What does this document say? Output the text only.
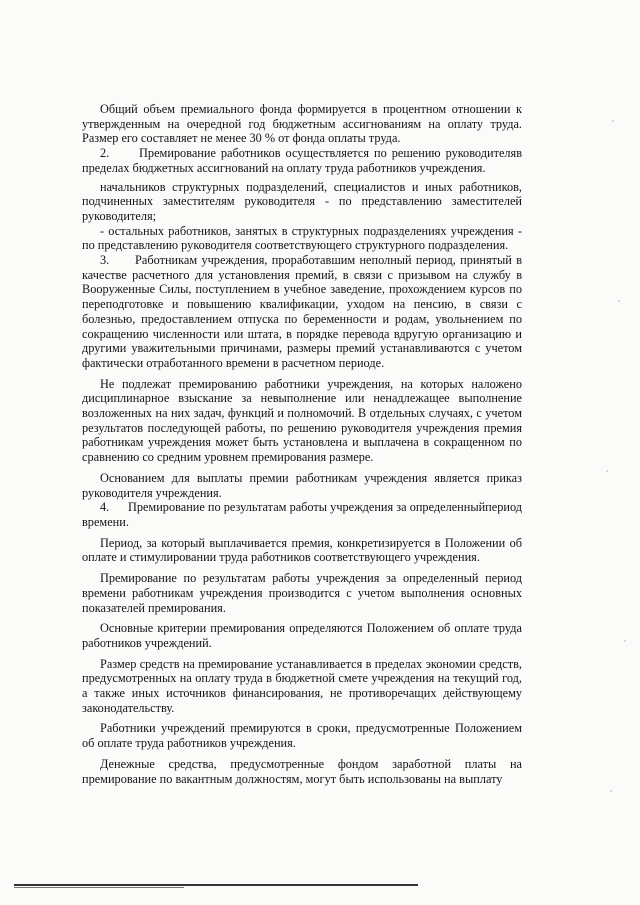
Общий объем премиального фонда формируется в процентном отношении к утвержденным на очередной год бюджетным ассигнованиям на оплату труда. Размер его составляет не менее 30 % от фонда оплаты труда.

2.      Премирование работников осуществляется по решению руководителяв пределах бюджетных ассигнований на оплату труда работников учреждения.

начальников структурных подразделений, специалистов и иных работников, подчиненных заместителям руководителя - по представлению заместителей руководителя;

- остальных работников, занятых в структурных подразделениях учреждения - по представлению руководителя соответствующего структурного подразделения.

3.      Работникам учреждения, проработавшим неполный период, принятый в качестве расчетного для установления премий, в связи с призывом на службу в Вооруженные Силы, поступлением в учебное заведение, прохождением курсов по переподготовке и повышению квалификации, уходом на пенсию, в связи с болезнью, предоставлением отпуска по беременности и родам, увольнением по сокращению численности или штата, в порядке перевода вдругую организацию и другими уважительными причинами, размеры премий устанавливаются с учетом фактически отработанного времени в расчетном периоде.

Не подлежат премированию работники учреждения, на которых наложено дисциплинарное взыскание за невыполнение или ненадлежащее выполнение возложенных на них задач, функций и полномочий. В отдельных случаях, с учетом результатов последующей работы, по решению руководителя учреждения премия работникам учреждения может быть установлена и выплачена в сокращенном по сравнению со средним уровнем премирования размере.

Основанием для выплаты премии работникам учреждения является приказ руководителя учреждения.

4.      Премирование по результатам работы учреждения за определенныйпериод времени.

Период, за который выплачивается премия, конкретизируется в Положении об оплате и стимулировании труда работников соответствующего учреждения.

Премирование по результатам работы учреждения за определенный период времени работникам учреждения производится с учетом выполнения основных показателей премирования.

Основные критерии премирования определяются Положением об оплате труда работников учреждений.

Размер средств на премирование устанавливается в пределах экономии средств, предусмотренных на оплату труда в бюджетной смете учреждения на текущий год, а также иных источников финансирования, не противоречащих действующему законодательству.

Работники учреждений премируются в сроки, предусмотренные Положением об оплате труда работников учреждения.

Денежные средства, предусмотренные фондом заработной платы на премирование по вакантным должностям, могут быть использованы на выплату
